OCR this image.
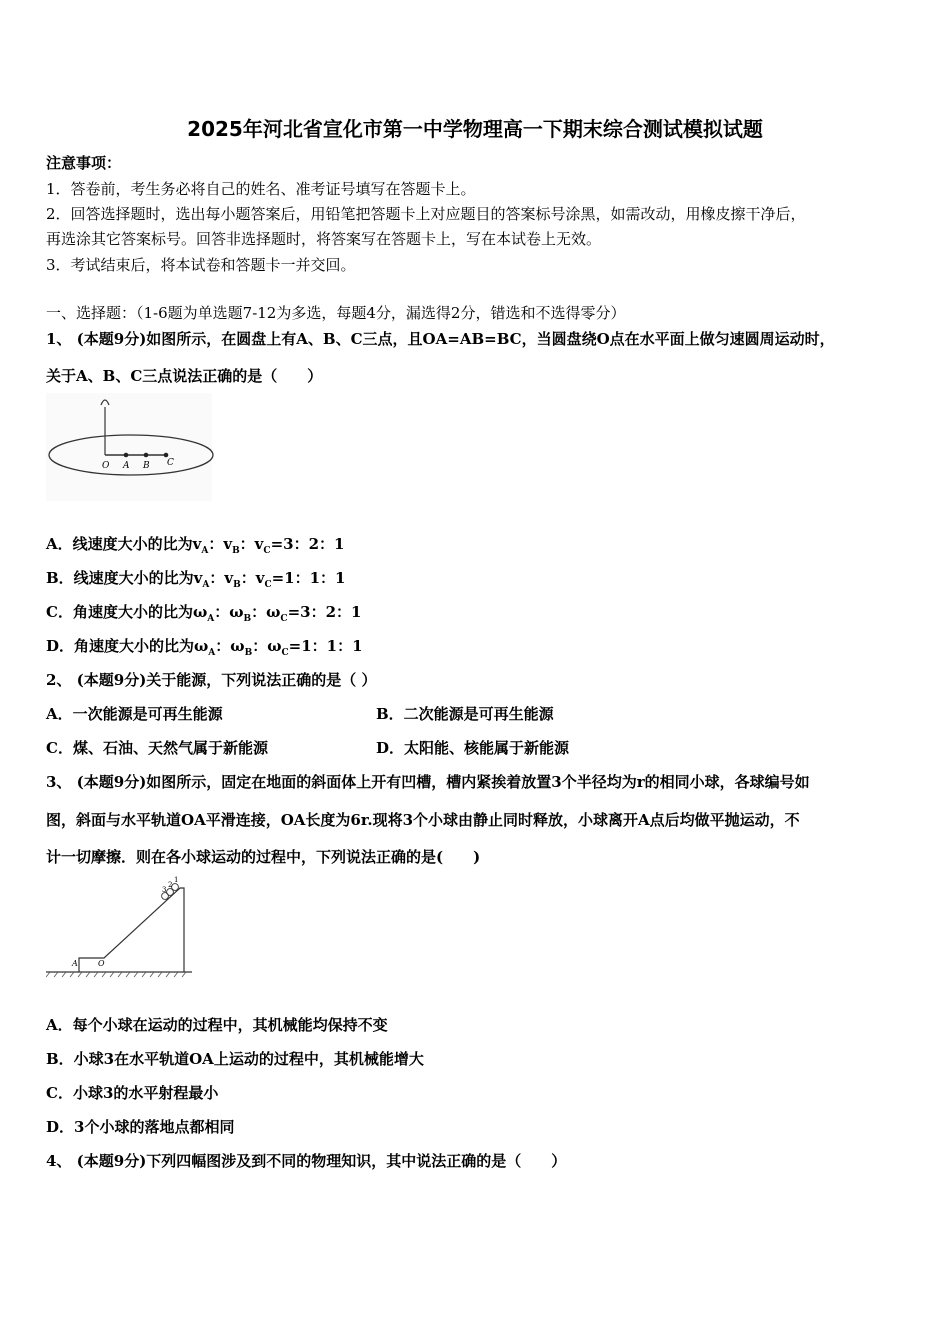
2025年河北省宣化市第一中学物理高一下期末综合测试模拟试题
注意事项：
1．答卷前，考生务必将自己的姓名、准考证号填写在答题卡上。
2．回答选择题时，选出每小题答案后，用铅笔把答题卡上对应题目的答案标号涂黑，如需改动，用橡皮擦干净后，
再选涂其它答案标号。回答非选择题时，将答案写在答题卡上，写在本试卷上无效。
3．考试结束后，将本试卷和答题卡一并交回。
一、选择题：（1-6题为单选题7-12为多选，每题4分，漏选得2分，错选和不选得零分）
1、 (本题9分)如图所示，在圆盘上有A、B、C三点，且OA=AB=BC，当圆盘绕O点在水平面上做匀速圆周运动时，
关于A、B、C三点说法正确的是（　　）
O A B C
A．线速度大小的比为$v_A$：$v_B$：$v_C=3$：2：1
B．线速度大小的比为$v_A$：$v_B$：$v_C=1$：1：1
C．角速度大小的比为$\omega_A$：$\omega_B$：$\omega_C=3$：2：1
D．角速度大小的比为$\omega_A$：$\omega_B$：$\omega_C=1$：1：1
2、 (本题9分)关于能源，下列说法正确的是（ ）
A．一次能源是可再生能源	B．二次能源是可再生能源
C．煤、石油、天然气属于新能源	D．太阳能、核能属于新能源
3、 (本题9分)如图所示，固定在地面的斜面体上开有凹槽，槽内紧挨着放置3个半径均为r的相同小球，各球编号如
图，斜面与水平轨道OA平滑连接，OA长度为6r.现将3个小球由静止同时释放，小球离开A点后均做平抛运动，不
计一切摩擦．则在各小球运动的过程中，下列说法正确的是(　　)
A	O
1
2
3
A．每个小球在运动的过程中，其机械能均保持不变
B．小球3在水平轨道OA上运动的过程中，其机械能增大
C．小球3的水平射程最小
D．3个小球的落地点都相同
4、 (本题9分)下列四幅图涉及到不同的物理知识，其中说法正确的是（　　）
